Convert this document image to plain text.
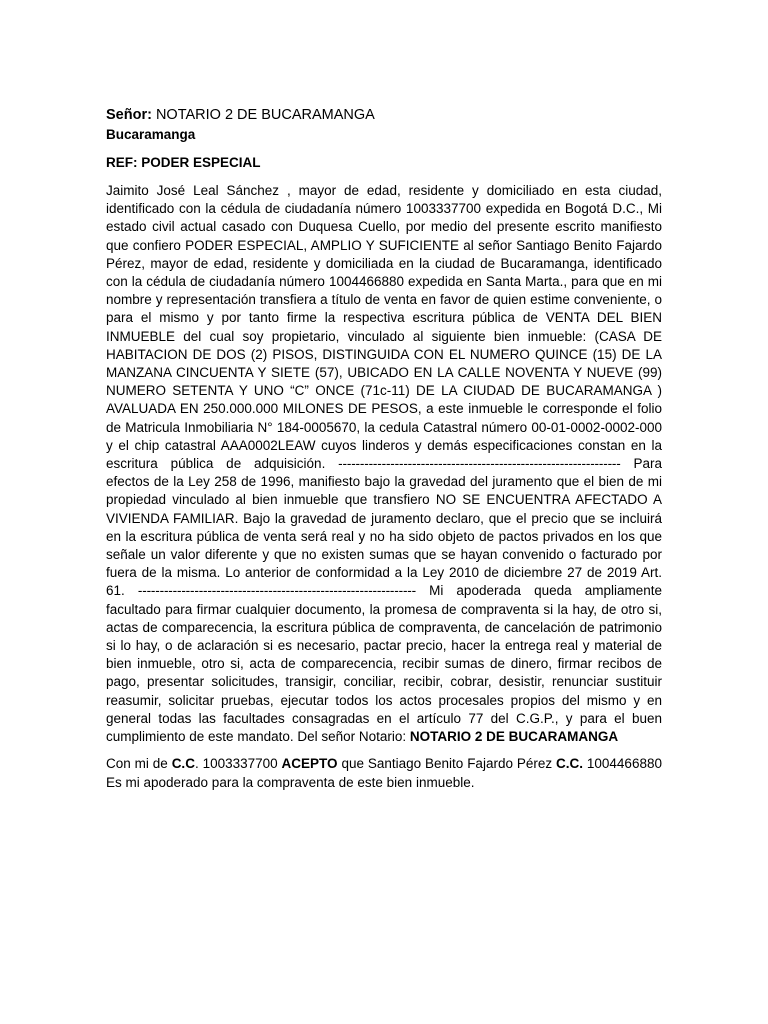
Señor: NOTARIO 2 DE BUCARAMANGA
Bucaramanga
REF: PODER ESPECIAL
Jaimito José Leal Sánchez , mayor de edad, residente y domiciliado en esta ciudad, identificado con la cédula de ciudadanía número 1003337700 expedida en Bogotá D.C., Mi estado civil actual casado con Duquesa Cuello, por medio del presente escrito manifiesto que confiero PODER ESPECIAL, AMPLIO Y SUFICIENTE al señor Santiago Benito Fajardo Pérez, mayor de edad, residente y domiciliada en la ciudad de Bucaramanga, identificado con la cédula de ciudadanía número 1004466880 expedida en Santa Marta., para que en mi nombre y representación transfiera a título de venta en favor de quien estime conveniente, o para el mismo y por tanto firme la respectiva escritura pública de VENTA DEL BIEN INMUEBLE del cual soy propietario, vinculado al siguiente bien inmueble: (CASA DE HABITACION DE DOS (2) PISOS, DISTINGUIDA CON EL NUMERO QUINCE (15) DE LA MANZANA CINCUENTA Y SIETE (57), UBICADO EN LA CALLE NOVENTA Y NUEVE (99) NUMERO SETENTA Y UNO “C” ONCE (71c-11) DE LA CIUDAD DE BUCARAMANGA ) AVALUADA EN 250.000.000 MILONES DE PESOS, a este inmueble le corresponde el folio de Matricula Inmobiliaria N° 184-0005670, la cedula Catastral número 00-01-0002-0002-000 y el chip catastral AAA0002LEAW cuyos linderos y demás especificaciones constan en la escritura pública de adquisición. ----------------------------------------------------------------- Para efectos de la Ley 258 de 1996, manifiesto bajo la gravedad del juramento que el bien de mi propiedad vinculado al bien inmueble que transfiero NO SE ENCUENTRA AFECTADO A VIVIENDA FAMILIAR. Bajo la gravedad de juramento declaro, que el precio que se incluirá en la escritura pública de venta será real y no ha sido objeto de pactos privados en los que señale un valor diferente y que no existen sumas que se hayan convenido o facturado por fuera de la misma. Lo anterior de conformidad a la Ley 2010 de diciembre 27 de 2019 Art. 61. ---------------------------------------------------------------- Mi apoderada queda ampliamente facultado para firmar cualquier documento, la promesa de compraventa si la hay, de otro si, actas de comparecencia, la escritura pública de compraventa, de cancelación de patrimonio si lo hay, o de aclaración si es necesario, pactar precio, hacer la entrega real y material de bien inmueble, otro si, acta de comparecencia, recibir sumas de dinero, firmar recibos de pago, presentar solicitudes, transigir, conciliar, recibir, cobrar, desistir, renunciar sustituir reasumir, solicitar pruebas, ejecutar todos los actos procesales propios del mismo y en general todas las facultades consagradas en el artículo 77 del C.G.P., y para el buen cumplimiento de este mandato. Del señor Notario: NOTARIO 2 DE BUCARAMANGA
Con mi de C.C. 1003337700 ACEPTO que Santiago Benito Fajardo Pérez C.C. 1004466880 Es mi apoderado para la compraventa de este bien inmueble.
